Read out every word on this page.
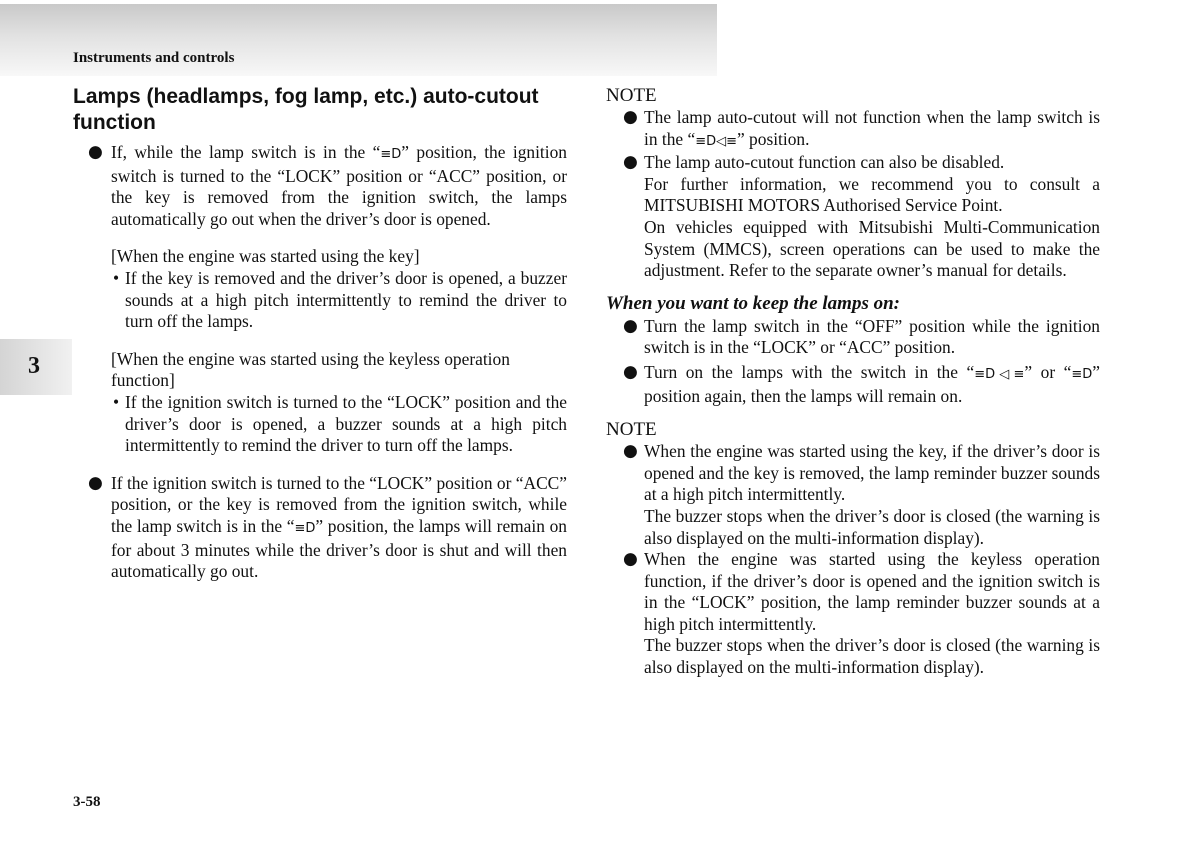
Instruments and controls
3
3-58
Lamps (headlamps, fog lamp, etc.) auto-cutout function
● If, while the lamp switch is in the “≡D” position, the ignition switch is turned to the “LOCK” position or “ACC” position, or the key is removed from the ignition switch, the lamps automatically go out when the driver’s door is opened.
[When the engine was started using the key]
• If the key is removed and the driver’s door is opened, a buzzer sounds at a high pitch intermittently to remind the driver to turn off the lamps.
[When the engine was started using the keyless operation function]
• If the ignition switch is turned to the “LOCK” position and the driver’s door is opened, a buzzer sounds at a high pitch intermittently to remind the driver to turn off the lamps.
● If the ignition switch is turned to the “LOCK” position or “ACC” position, or the key is removed from the ignition switch, while the lamp switch is in the “≡D” position, the lamps will remain on for about 3 minutes while the driver’s door is shut and will then automatically go out.
NOTE
● The lamp auto-cutout will not function when the lamp switch is in the “≡D◁≡” position.
● The lamp auto-cutout function can also be disabled.
For further information, we recommend you to consult a MITSUBISHI MOTORS Authorised Service Point.
On vehicles equipped with Mitsubishi Multi-Communication System (MMCS), screen operations can be used to make the adjustment. Refer to the separate owner’s manual for details.
When you want to keep the lamps on:
● Turn the lamp switch in the “OFF” position while the ignition switch is in the “LOCK” or “ACC” position.
● Turn on the lamps with the switch in the “≡D◁≡” or “≡D” position again, then the lamps will remain on.
NOTE
● When the engine was started using the key, if the driver’s door is opened and the key is removed, the lamp reminder buzzer sounds at a high pitch intermittently.
The buzzer stops when the driver’s door is closed (the warning is also displayed on the multi-information display).
● When the engine was started using the keyless operation function, if the driver’s door is opened and the ignition switch is in the “LOCK” position, the lamp reminder buzzer sounds at a high pitch intermittently.
The buzzer stops when the driver’s door is closed (the warning is also displayed on the multi-information display).
